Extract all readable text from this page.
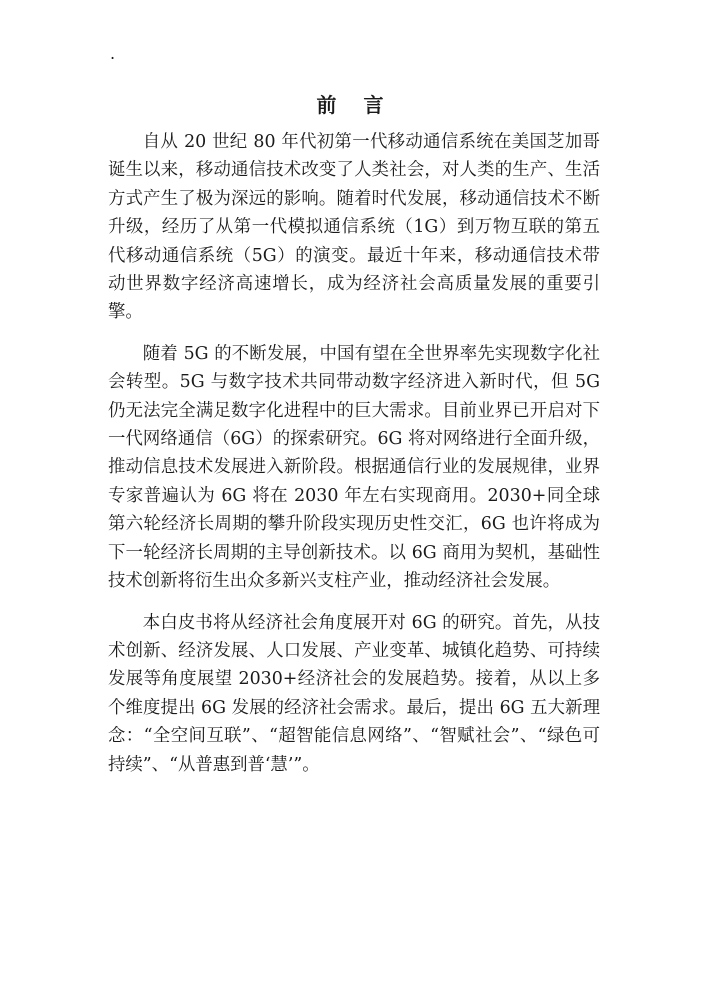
.
前 言

自从 20 世纪 80 年代初第一代移动通信系统在美国芝加哥诞生以来，移动通信技术改变了人类社会，对人类的生产、生活方式产生了极为深远的影响。随着时代发展，移动通信技术不断升级，经历了从第一代模拟通信系统（1G）到万物互联的第五代移动通信系统（5G）的演变。最近十年来，移动通信技术带动世界数字经济高速增长，成为经济社会高质量发展的重要引擎。

随着 5G 的不断发展，中国有望在全世界率先实现数字化社会转型。5G 与数字技术共同带动数字经济进入新时代，但 5G 仍无法完全满足数字化进程中的巨大需求。目前业界已开启对下一代网络通信（6G）的探索研究。6G 将对网络进行全面升级，推动信息技术发展进入新阶段。根据通信行业的发展规律，业界专家普遍认为 6G 将在 2030 年左右实现商用。2030+同全球第六轮经济长周期的攀升阶段实现历史性交汇，6G 也许将成为下一轮经济长周期的主导创新技术。以 6G 商用为契机，基础性技术创新将衍生出众多新兴支柱产业，推动经济社会发展。

本白皮书将从经济社会角度展开对 6G 的研究。首先，从技术创新、经济发展、人口发展、产业变革、城镇化趋势、可持续发展等角度展望 2030+经济社会的发展趋势。接着，从以上多个维度提出 6G 发展的经济社会需求。最后，提出 6G 五大新理念：“全空间互联”、“超智能信息网络”、“智赋社会”、“绿色可持续”、“从普惠到普‘慧’”。
